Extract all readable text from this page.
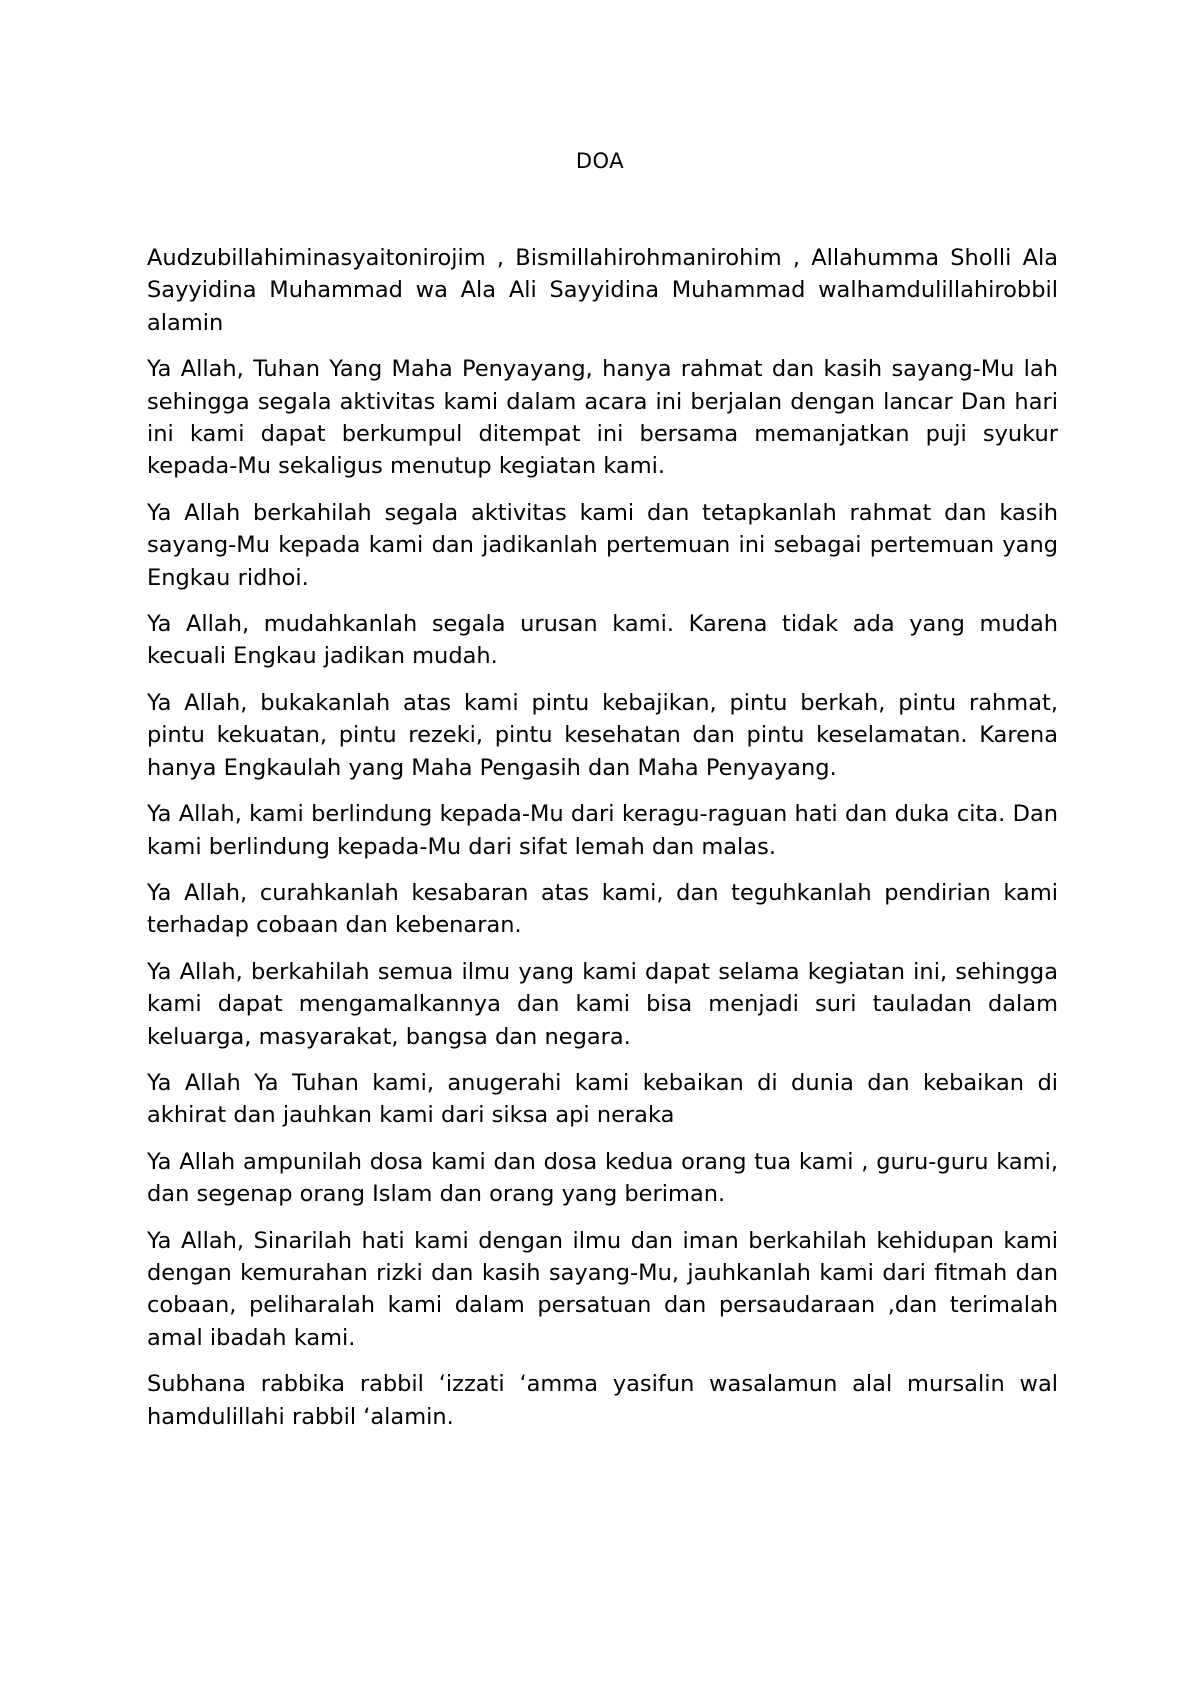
DOA

Audzubillahiminasyaitonirojim , Bismillahirohmanirohim , Allahumma Sholli Ala Sayyidina Muhammad wa Ala Ali Sayyidina Muhammad walhamdulillahirobbil alamin

Ya Allah, Tuhan Yang Maha Penyayang, hanya rahmat dan kasih sayang-Mu lah sehingga segala aktivitas kami dalam acara ini berjalan dengan lancar Dan hari ini kami dapat berkumpul ditempat ini bersama memanjatkan puji syukur kepada-Mu sekaligus menutup kegiatan kami.

Ya Allah berkahilah segala aktivitas kami dan tetapkanlah rahmat dan kasih sayang-Mu kepada kami dan jadikanlah pertemuan ini sebagai pertemuan yang Engkau ridhoi.

Ya Allah, mudahkanlah segala urusan kami. Karena tidak ada yang mudah kecuali Engkau jadikan mudah.

Ya Allah, bukakanlah atas kami pintu kebajikan, pintu berkah, pintu rahmat, pintu kekuatan, pintu rezeki, pintu kesehatan dan pintu keselamatan. Karena hanya Engkaulah yang Maha Pengasih dan Maha Penyayang.

Ya Allah, kami berlindung kepada-Mu dari keragu-raguan hati dan duka cita. Dan kami berlindung kepada-Mu dari sifat lemah dan malas.

Ya Allah, curahkanlah kesabaran atas kami, dan teguhkanlah pendirian kami terhadap cobaan dan kebenaran.

Ya Allah, berkahilah semua ilmu yang kami dapat selama kegiatan ini, sehingga kami dapat mengamalkannya dan kami bisa menjadi suri tauladan dalam keluarga, masyarakat, bangsa dan negara.

Ya Allah Ya Tuhan kami, anugerahi kami kebaikan di dunia dan kebaikan di akhirat dan jauhkan kami dari siksa api neraka

Ya Allah ampunilah dosa kami dan dosa kedua orang tua kami , guru-guru kami, dan segenap orang Islam dan orang yang beriman.

Ya Allah, Sinarilah hati kami dengan ilmu dan iman berkahilah kehidupan kami dengan kemurahan rizki dan kasih sayang-Mu, jauhkanlah kami dari fitmah dan cobaan, peliharalah kami dalam persatuan dan persaudaraan ,dan terimalah amal ibadah kami.

Subhana rabbika rabbil ‘izzati ‘amma yasifun wasalamun alal mursalin wal hamdulillahi rabbil ‘alamin.
